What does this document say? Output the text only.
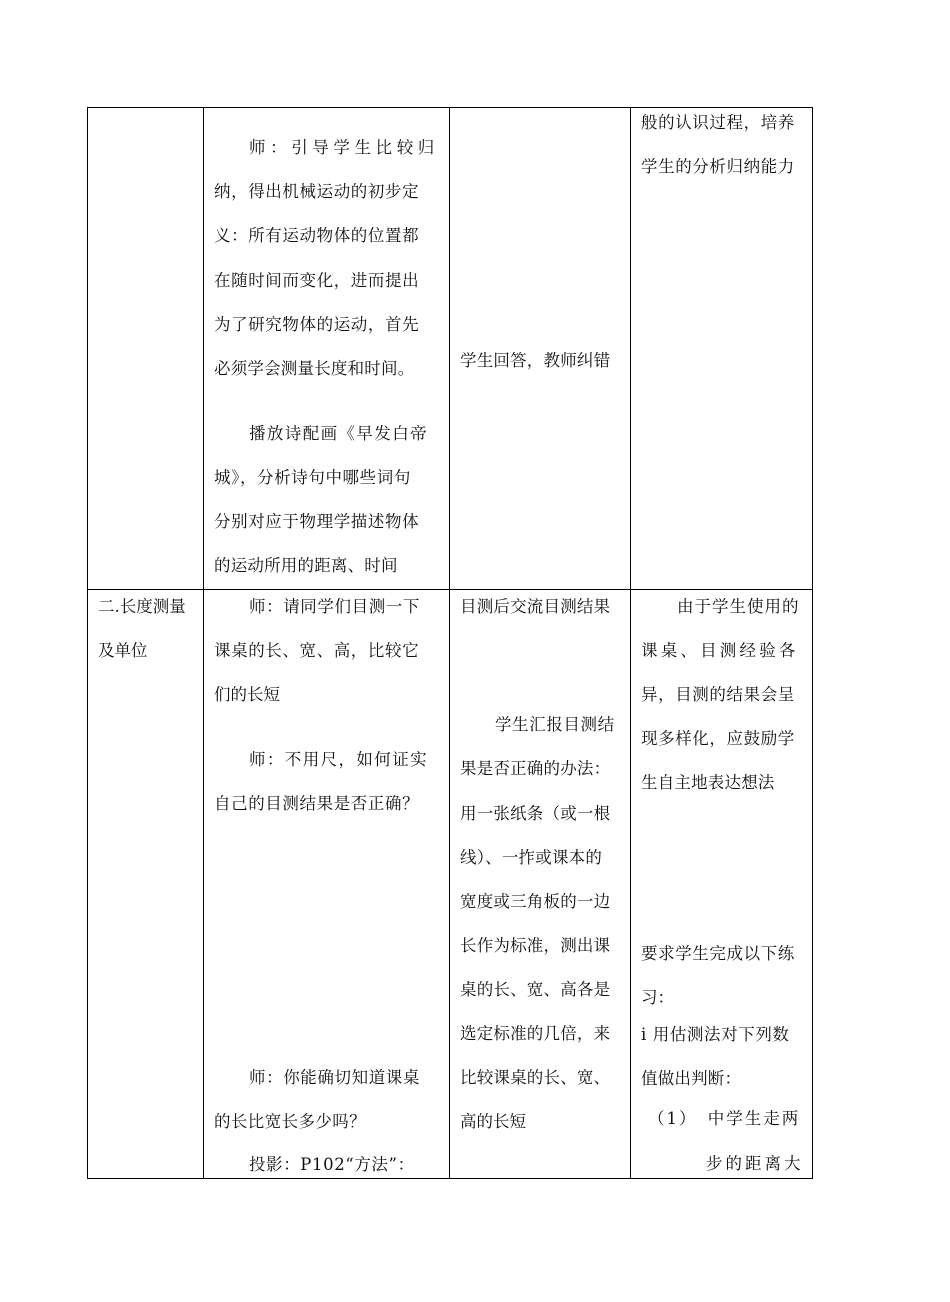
师：引导学生比较归
纳，得出机械运动的初步定
义：所有运动物体的位置都
在随时间而变化，进而提出
为了研究物体的运动，首先
必须学会测量长度和时间。
播放诗配画《早发白帝
城》，分析诗句中哪些词句
分别对应于物理学描述物体
的运动所用的距离、时间
学生回答，教师纠错
般的认识过程，培养
学生的分析归纳能力
二.长度测量
及单位
师：请同学们目测一下
课桌的长、宽、高，比较它
们的长短
师：不用尺，如何证实
自己的目测结果是否正确？
师：你能确切知道课桌
的长比宽长多少吗？
投影：P102“方法”：
目测后交流目测结果
学生汇报目测结
果是否正确的办法：
用一张纸条（或一根
线）、一拃或课本的
宽度或三角板的一边
长作为标准，测出课
桌的长、宽、高各是
选定标准的几倍，来
比较课桌的长、宽、
高的长短
由于学生使用的
课桌、目测经验各
异，目测的结果会呈
现多样化，应鼓励学
生自主地表达想法
要求学生完成以下练
习：
i 用估测法对下列数
值做出判断：
（1）　中学生走两
步的距离大
